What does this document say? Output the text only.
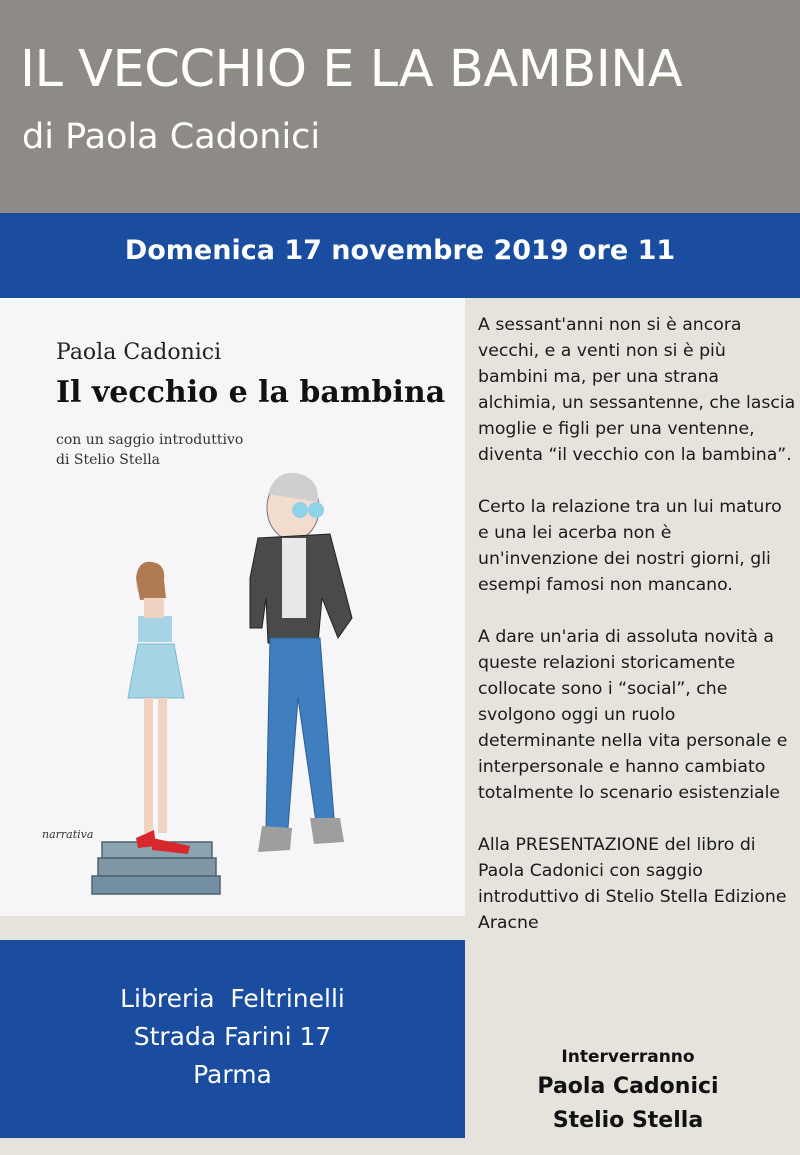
IL VECCHIO E LA BAMBINA
di Paola Cadonici
Domenica 17 novembre 2019 ore 11
Paola Cadonici
Il vecchio e la bambina
con un saggio introduttivo
di Stelio Stella
narrativa
Libreria  Feltrinelli
Strada Farini 17
Parma

A sessant'anni non si è ancora vecchi, e a venti non si è più bambini ma, per una strana alchimia, un sessantenne, che lascia moglie e figli per una ventenne, diventa “il vecchio con la bambina”.

Certo la relazione tra un lui maturo e una lei acerba non è un'invenzione dei nostri giorni, gli esempi famosi non mancano.

A dare un'aria di assoluta novità a queste relazioni storicamente collocate sono i “social”, che svolgono oggi un ruolo determinante nella vita personale e interpersonale e hanno cambiato totalmente lo scenario esistenziale

Alla PRESENTAZIONE del libro di Paola Cadonici con saggio introduttivo di Stelio Stella Edizione Aracne

Interverranno
Paola Cadonici
Stelio Stella
